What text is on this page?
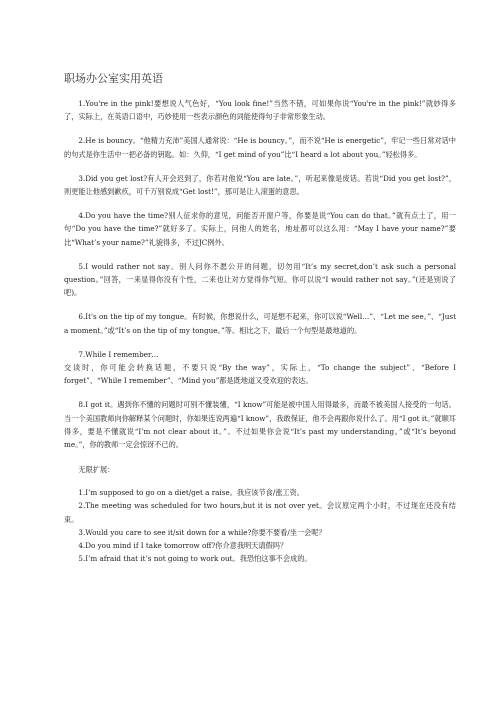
职场办公室实用英语

1.You're in the pink!要想说人气色好，“You look fine!”当然不错，可如果你说“You're in the pink!”就妙得多了，实际上，在英语口语中，巧妙使用一些表示颜色的词能使得句子非常形象生动。

2.He is bouncy。“他精力充沛”美国人通常说：“He is bouncy。”，而不说“He is energetic”，牢记一些日常对话中的句式是你生活中一把必备的钥匙。如：久仰，“I get mind of you”比“I heard a lot about you。”轻松得多。

3.Did you get lost?有人开会迟到了，你若对他说“You are late。”，听起来像是废话。若说“Did you get lost?”，则更能让他感到歉疚，可千万别说成“Get lost!”，那可是让人滚蛋的意思。

4.Do you have the time?别人征求你的意见，问能否开窗户等，你要是说“You can do that。”就有点土了，用一句“Do you have the time?”就好多了。实际上，问他人的姓名，地址都可以这么用：“May I have your name?”要比“What’s your name?”礼貌得多，不过JC例外。

5.I would rather not say。别人问你不愿公开的问题，切勿用“It’s my secret,don’t ask such a personal question。”回答，一来显得你没有个性，二来也让对方觉得你气短。你可以说“I would rather not say。”(还是别说了吧)。

6.It's on the tip of my tongue。有时候，你想说什么，可是想不起来，你可以说“Well…”、“Let me see。”、“Just a moment。”或“It’s on the tip of my tongue。”等。相比之下，最后一个句型是最地道的。

7.While I remember…
交谈时，你可能会转换话题，不要只说“By the way”，实际上，“To change the subject”、“Before I forget”、“While I remember”、“Mind you”都是既地道又受欢迎的表达。

8.I got it。遇到你不懂的问题时可别不懂装懂，“I know”可能是被中国人用得最多，而最不被美国人接受的一句话。当一个美国教师向你解释某个问题时，你如果连说两遍“I know”，我敢保证，他不会再跟你说什么了。用“I got it。”就顺耳得多，要是不懂就说“I’m not clear about it。”。不过如果你会说“It’s past my understanding。”或“It’s beyond me。”，你的教师一定会惊讶不已的。

无限扩展：

1.I’m supposed to go on a diet/get a raise。我应该节食/涨工资。

2.The meeting was scheduled for two hours,but it is not over yet。会议原定两个小时，不过现在还没有结束。

3.Would you care to see it/sit down for a while?你要不要看/坐一会呢？

4.Do you mind if I take tomorrow off?你介意我明天请假吗？

5.I’m afraid that it’s not going to work out。我恐怕这事不会成的。
